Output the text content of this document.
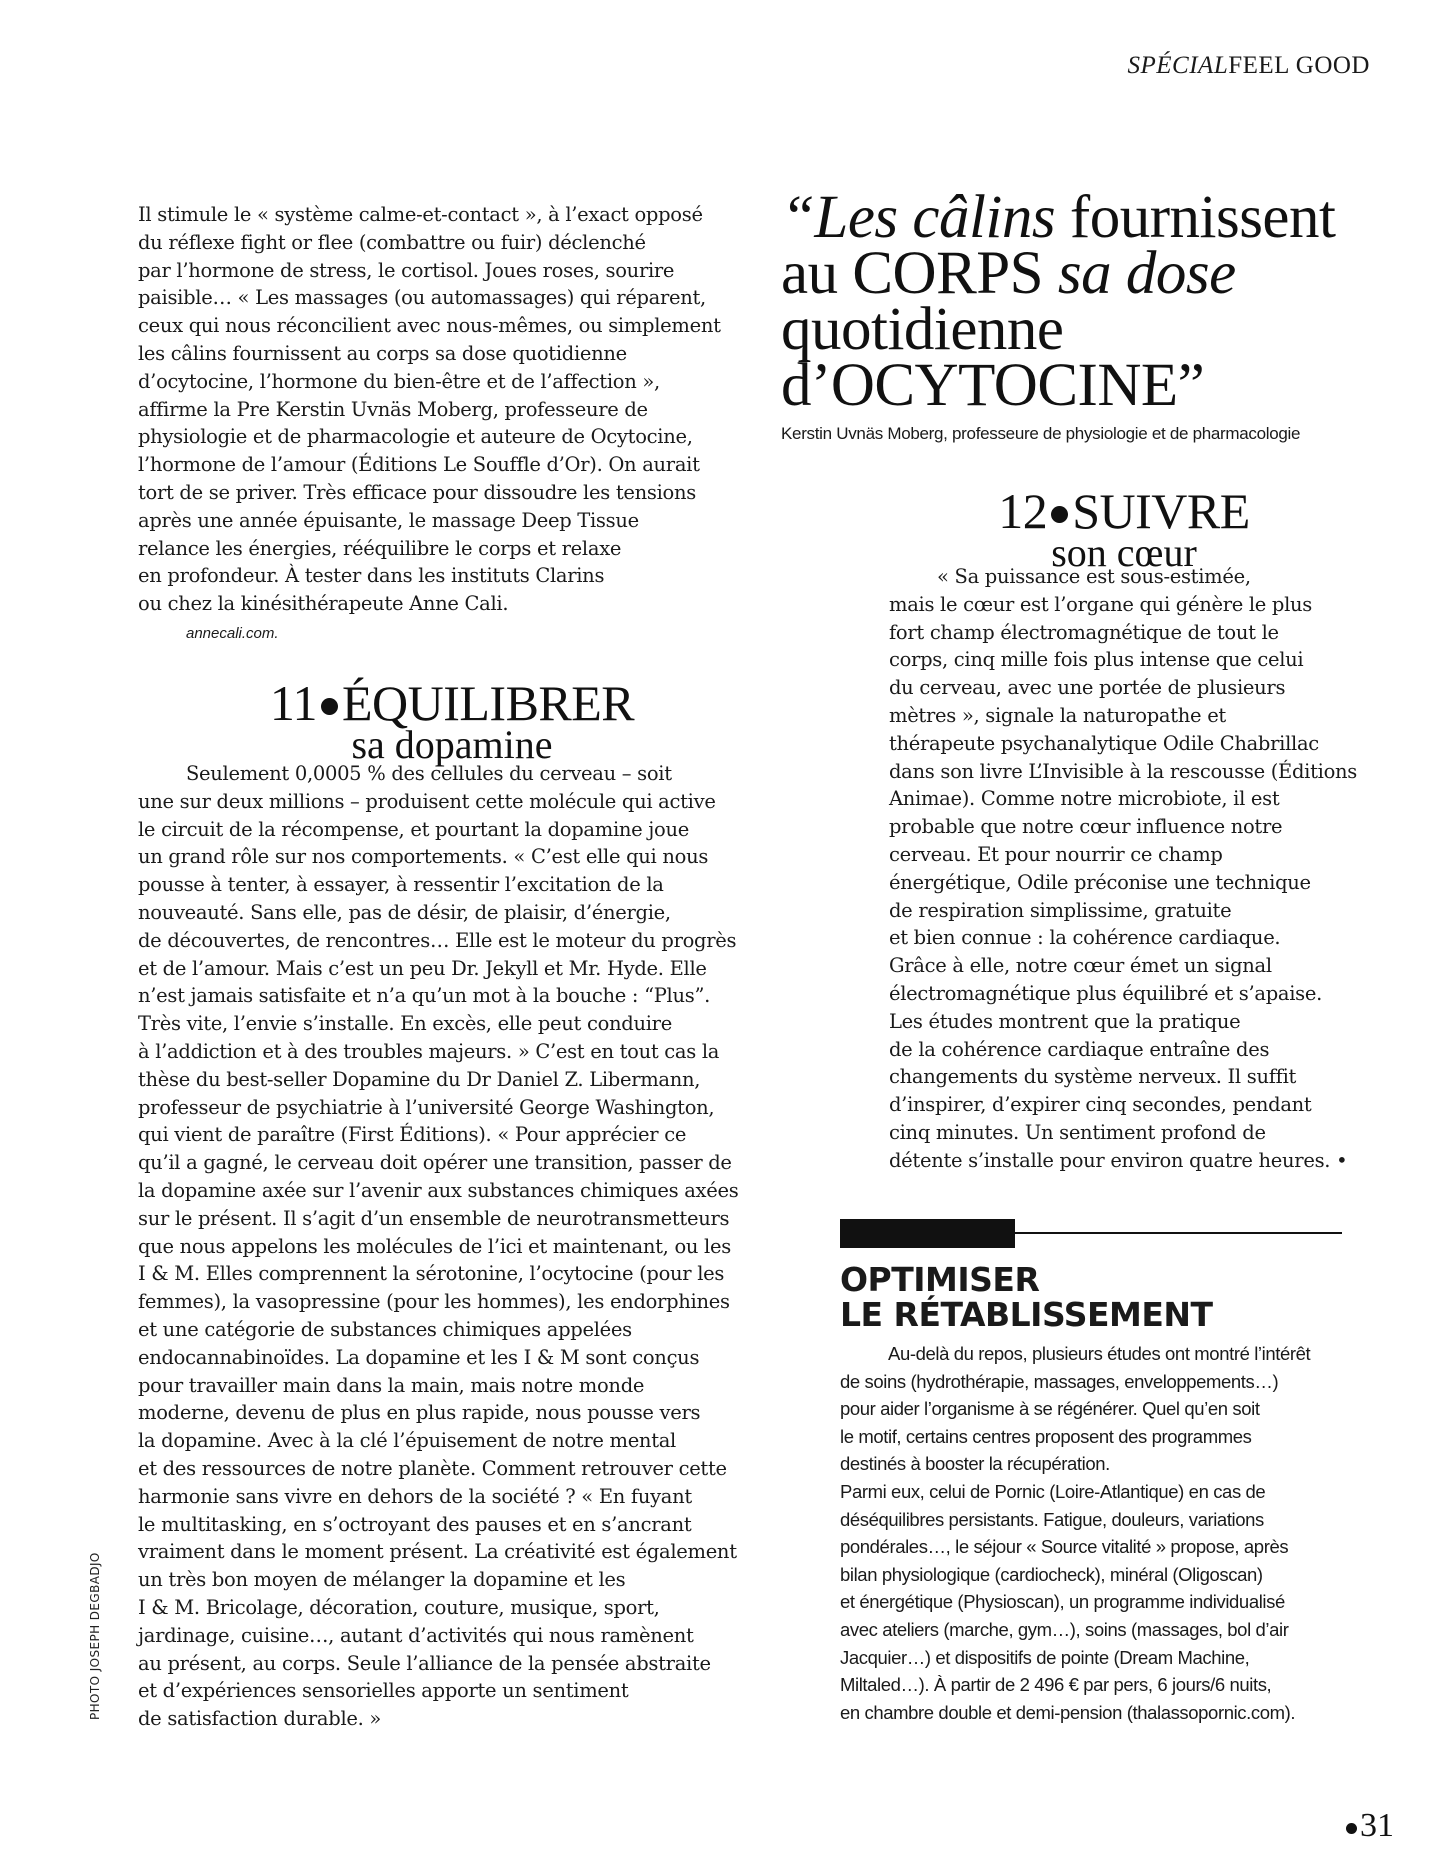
SPÉCIALFEEL GOOD

Il stimule le « système calme-et-contact », à l’exact opposé

du réflexe fight or flee (combattre ou fuir) déclenché

par l’hormone de stress, le cortisol. Joues roses, sourire

paisible… « Les massages (ou automassages) qui réparent,

ceux qui nous réconcilient avec nous-mêmes, ou simplement

les câlins fournissent au corps sa dose quotidienne

d’ocytocine, l’hormone du bien-être et de l’affection »,

affirme la Pre Kerstin Uvnäs Moberg, professeure de

physiologie et de pharmacologie et auteure de Ocytocine,

l’hormone de l’amour (Éditions Le Souffle d’Or). On aurait

tort de se priver. Très efficace pour dissoudre les tensions

après une année épuisante, le massage Deep Tissue

relance les énergies, rééquilibre le corps et relaxe

en profondeur. À tester dans les instituts Clarins

ou chez la kinésithérapeute Anne Cali.

annecali.com.
11 ÉQUILIBRER
sa dopamine

Seulement 0,0005 % des cellules du cerveau – soit

une sur deux millions – produisent cette molécule qui active

le circuit de la récompense, et pourtant la dopamine joue

un grand rôle sur nos comportements. « C’est elle qui nous

pousse à tenter, à essayer, à ressentir l’excitation de la

nouveauté. Sans elle, pas de désir, de plaisir, d’énergie,

de découvertes, de rencontres… Elle est le moteur du progrès

et de l’amour. Mais c’est un peu Dr. Jekyll et Mr. Hyde. Elle

n’est jamais satisfaite et n’a qu’un mot à la bouche : “Plus”.

Très vite, l’envie s’installe. En excès, elle peut conduire

à l’addiction et à des troubles majeurs. » C’est en tout cas la

thèse du best-seller Dopamine du Dr Daniel Z. Libermann,

professeur de psychiatrie à l’université George Washington,

qui vient de paraître (First Éditions). « Pour apprécier ce

qu’il a gagné, le cerveau doit opérer une transition, passer de

la dopamine axée sur l’avenir aux substances chimiques axées

sur le présent. Il s’agit d’un ensemble de neurotransmetteurs

que nous appelons les molécules de l’ici et maintenant, ou les

I & M. Elles comprennent la sérotonine, l’ocytocine (pour les

femmes), la vasopressine (pour les hommes), les endorphines

et une catégorie de substances chimiques appelées

endocannabinoïdes. La dopamine et les I & M sont conçus

pour travailler main dans la main, mais notre monde

moderne, devenu de plus en plus rapide, nous pousse vers

la dopamine. Avec à la clé l’épuisement de notre mental

et des ressources de notre planète. Comment retrouver cette

harmonie sans vivre en dehors de la société ? « En fuyant

le multitasking, en s’octroyant des pauses et en s’ancrant

vraiment dans le moment présent. La créativité est également

un très bon moyen de mélanger la dopamine et les

I & M. Bricolage, décoration, couture, musique, sport,

jardinage, cuisine…, autant d’activités qui nous ramènent

au présent, au corps. Seule l’alliance de la pensée abstraite

et d’expériences sensorielles apporte un sentiment

de satisfaction durable. »

“Les câlins fournissent
au CORPS sa dose
quotidienne
d’OCYTOCINE”
Kerstin Uvnäs Moberg, professeure de physiologie et de pharmacologie
12 SUIVRE
son cœur

« Sa puissance est sous-estimée,

mais le cœur est l’organe qui génère le plus

fort champ électromagnétique de tout le

corps, cinq mille fois plus intense que celui

du cerveau, avec une portée de plusieurs

mètres », signale la naturopathe et

thérapeute psychanalytique Odile Chabrillac

dans son livre L’Invisible à la rescousse (Éditions

Animae). Comme notre microbiote, il est

probable que notre cœur influence notre

cerveau. Et pour nourrir ce champ

énergétique, Odile préconise une technique

de respiration simplissime, gratuite

et bien connue : la cohérence cardiaque.

Grâce à elle, notre cœur émet un signal

électromagnétique plus équilibré et s’apaise.

Les études montrent que la pratique

de la cohérence cardiaque entraîne des

changements du système nerveux. Il suffit

d’inspirer, d’expirer cinq secondes, pendant

cinq minutes. Un sentiment profond de

détente s’installe pour environ quatre heures. •

OPTIMISER
LE RÉTABLISSEMENT

Au-delà du repos, plusieurs études ont montré l’intérêt

de soins (hydrothérapie, massages, enveloppements…)

pour aider l’organisme à se régénérer. Quel qu’en soit

le motif, certains centres proposent des programmes

destinés à booster la récupération.

Parmi eux, celui de Pornic (Loire-Atlantique) en cas de

déséquilibres persistants. Fatigue, douleurs, variations

pondérales…, le séjour « Source vitalité » propose, après

bilan physiologique (cardiocheck), minéral (Oligoscan)

et énergétique (Physioscan), un programme individualisé

avec ateliers (marche, gym…), soins (massages, bol d’air

Jacquier…) et dispositifs de pointe (Dream Machine,

Miltaled…). À partir de 2 496 € par pers, 6 jours/6 nuits,

en chambre double et demi-pension (thalassopornic.com).

PHOTO JOSEPH DEGBADJO
31
